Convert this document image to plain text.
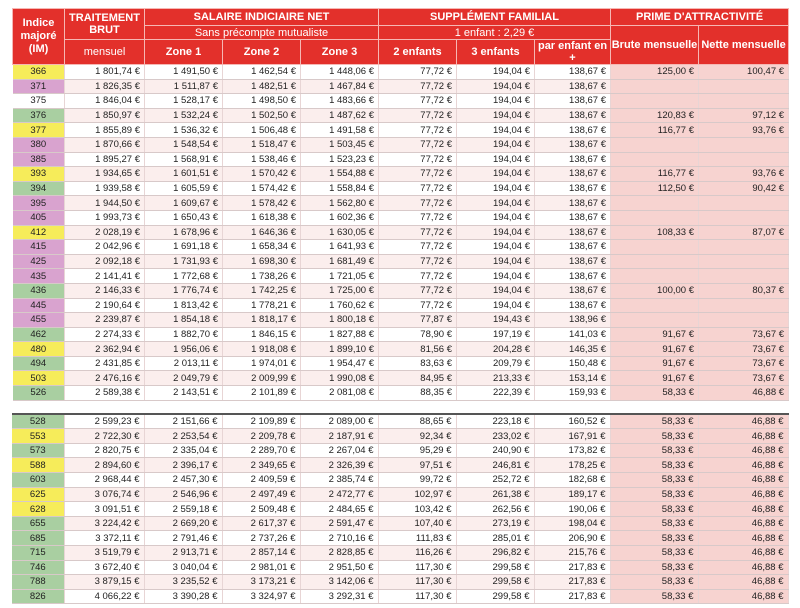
Indice majoré (IM)	TRAITEMENT BRUT	SALAIRE INDICIAIRE NET			SUPPLÉMENT FAMILIAL			PRIME D'ATTRACTIVITÉ	
		Sans précompte mutualiste			1 enfant : 2,29 €			Brute mensuelle	Nette mensuelle
	mensuel	Zone 1	Zone 2	Zone 3	2 enfants	3 enfants	par enfant en +		
366	1 801,74 €	1 491,50 €	1 462,54 €	1 448,06 €	77,72 €	194,04 €	138,67 €	125,00 €	100,47 €
371	1 826,35 €	1 511,87 €	1 482,51 €	1 467,84 €	77,72 €	194,04 €	138,67 €		
375	1 846,04 €	1 528,17 €	1 498,50 €	1 483,66 €	77,72 €	194,04 €	138,67 €		
376	1 850,97 €	1 532,24 €	1 502,50 €	1 487,62 €	77,72 €	194,04 €	138,67 €	120,83 €	97,12 €
377	1 855,89 €	1 536,32 €	1 506,48 €	1 491,58 €	77,72 €	194,04 €	138,67 €	116,77 €	93,76 €
380	1 870,66 €	1 548,54 €	1 518,47 €	1 503,45 €	77,72 €	194,04 €	138,67 €		
385	1 895,27 €	1 568,91 €	1 538,46 €	1 523,23 €	77,72 €	194,04 €	138,67 €		
393	1 934,65 €	1 601,51 €	1 570,42 €	1 554,88 €	77,72 €	194,04 €	138,67 €	116,77 €	93,76 €
394	1 939,58 €	1 605,59 €	1 574,42 €	1 558,84 €	77,72 €	194,04 €	138,67 €	112,50 €	90,42 €
395	1 944,50 €	1 609,67 €	1 578,42 €	1 562,80 €	77,72 €	194,04 €	138,67 €		
405	1 993,73 €	1 650,43 €	1 618,38 €	1 602,36 €	77,72 €	194,04 €	138,67 €		
412	2 028,19 €	1 678,96 €	1 646,36 €	1 630,05 €	77,72 €	194,04 €	138,67 €	108,33 €	87,07 €
415	2 042,96 €	1 691,18 €	1 658,34 €	1 641,93 €	77,72 €	194,04 €	138,67 €		
425	2 092,18 €	1 731,93 €	1 698,30 €	1 681,49 €	77,72 €	194,04 €	138,67 €		
435	2 141,41 €	1 772,68 €	1 738,26 €	1 721,05 €	77,72 €	194,04 €	138,67 €		
436	2 146,33 €	1 776,74 €	1 742,25 €	1 725,00 €	77,72 €	194,04 €	138,67 €	100,00 €	80,37 €
445	2 190,64 €	1 813,42 €	1 778,21 €	1 760,62 €	77,72 €	194,04 €	138,67 €		
455	2 239,87 €	1 854,18 €	1 818,17 €	1 800,18 €	77,87 €	194,43 €	138,96 €		
462	2 274,33 €	1 882,70 €	1 846,15 €	1 827,88 €	78,90 €	197,19 €	141,03 €	91,67 €	73,67 €
480	2 362,94 €	1 956,06 €	1 918,08 €	1 899,10 €	81,56 €	204,28 €	146,35 €	91,67 €	73,67 €
494	2 431,85 €	2 013,11 €	1 974,01 €	1 954,47 €	83,63 €	209,79 €	150,48 €	91,67 €	73,67 €
503	2 476,16 €	2 049,79 €	2 009,99 €	1 990,08 €	84,95 €	213,33 €	153,14 €	91,67 €	73,67 €
526	2 589,38 €	2 143,51 €	2 101,89 €	2 081,08 €	88,35 €	222,39 €	159,93 €	58,33 €	46,88 €
528	2 599,23 €	2 151,66 €	2 109,89 €	2 089,00 €	88,65 €	223,18 €	160,52 €	58,33 €	46,88 €
553	2 722,30 €	2 253,54 €	2 209,78 €	2 187,91 €	92,34 €	233,02 €	167,91 €	58,33 €	46,88 €
573	2 820,75 €	2 335,04 €	2 289,70 €	2 267,04 €	95,29 €	240,90 €	173,82 €	58,33 €	46,88 €
588	2 894,60 €	2 396,17 €	2 349,65 €	2 326,39 €	97,51 €	246,81 €	178,25 €	58,33 €	46,88 €
603	2 968,44 €	2 457,30 €	2 409,59 €	2 385,74 €	99,72 €	252,72 €	182,68 €	58,33 €	46,88 €
625	3 076,74 €	2 546,96 €	2 497,49 €	2 472,77 €	102,97 €	261,38 €	189,17 €	58,33 €	46,88 €
628	3 091,51 €	2 559,18 €	2 509,48 €	2 484,65 €	103,42 €	262,56 €	190,06 €	58,33 €	46,88 €
655	3 224,42 €	2 669,20 €	2 617,37 €	2 591,47 €	107,40 €	273,19 €	198,04 €	58,33 €	46,88 €
685	3 372,11 €	2 791,46 €	2 737,26 €	2 710,16 €	111,83 €	285,01 €	206,90 €	58,33 €	46,88 €
715	3 519,79 €	2 913,71 €	2 857,14 €	2 828,85 €	116,26 €	296,82 €	215,76 €	58,33 €	46,88 €
746	3 672,40 €	3 040,04 €	2 981,01 €	2 951,50 €	117,30 €	299,58 €	217,83 €	58,33 €	46,88 €
788	3 879,15 €	3 235,52 €	3 173,21 €	3 142,06 €	117,30 €	299,58 €	217,83 €	58,33 €	46,88 €
826	4 066,22 €	3 390,28 €	3 324,97 €	3 292,31 €	117,30 €	299,58 €	217,83 €	58,33 €	46,88 €
